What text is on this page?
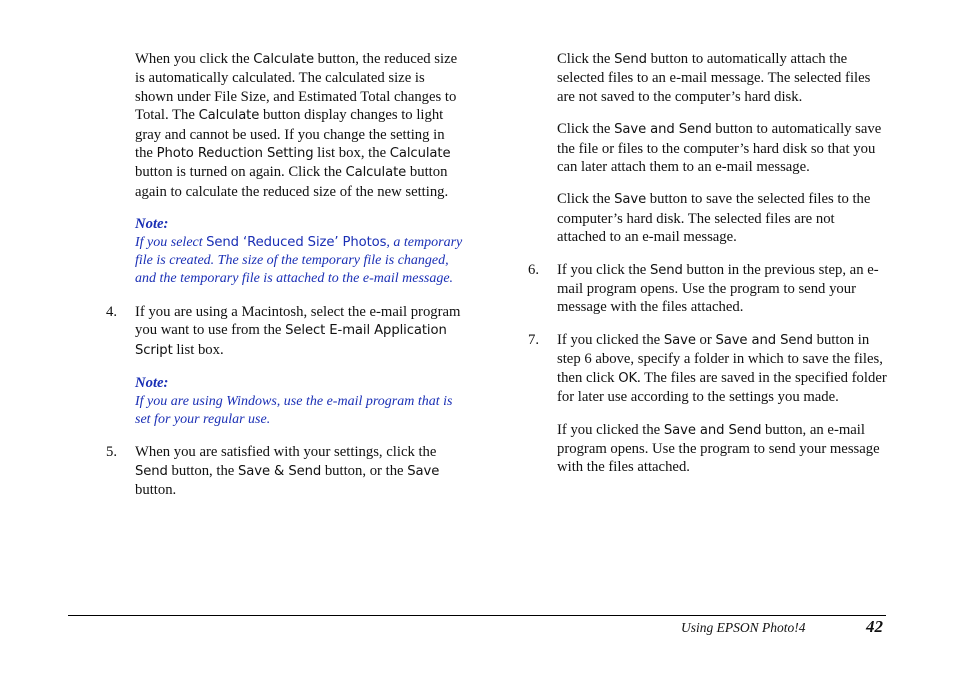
When you click the Calculate button, the reduced size is automatically calculated. The calculated size is shown under File Size, and Estimated Total changes to Total. The Calculate button display changes to light gray and cannot be used. If you change the setting in the Photo Reduction Setting list box, the Calculate button is turned on again. Click the Calculate button again to calculate the reduced size of the new setting.

Note:

If you select Send ‘Reduced Size’ Photos, a temporary file is created. The size of the temporary file is changed, and the temporary file is attached to the e-mail message.

4. If you are using a Macintosh, select the e-mail program you want to use from the Select E-mail Application Script list box.

Note:

If you are using Windows, use the e-mail program that is set for your regular use.

5. When you are satisfied with your settings, click the Send button, the Save & Send button, or the Save button.

Click the Send button to automatically attach the selected files to an e-mail message. The selected files are not saved to the computer’s hard disk.

Click the Save and Send button to automatically save the file or files to the computer’s hard disk so that you can later attach them to an e-mail message.

Click the Save button to save the selected files to the computer’s hard disk. The selected files are not attached to an e-mail message.

6. If you click the Send button in the previous step, an e-mail program opens. Use the program to send your message with the files attached.

7. If you clicked the Save or Save and Send button in step 6 above, specify a folder in which to save the files, then click OK. The files are saved in the specified folder for later use according to the settings you made.

If you clicked the Save and Send button, an e-mail program opens. Use the program to send your message with the files attached.

Using EPSON Photo!4	42
